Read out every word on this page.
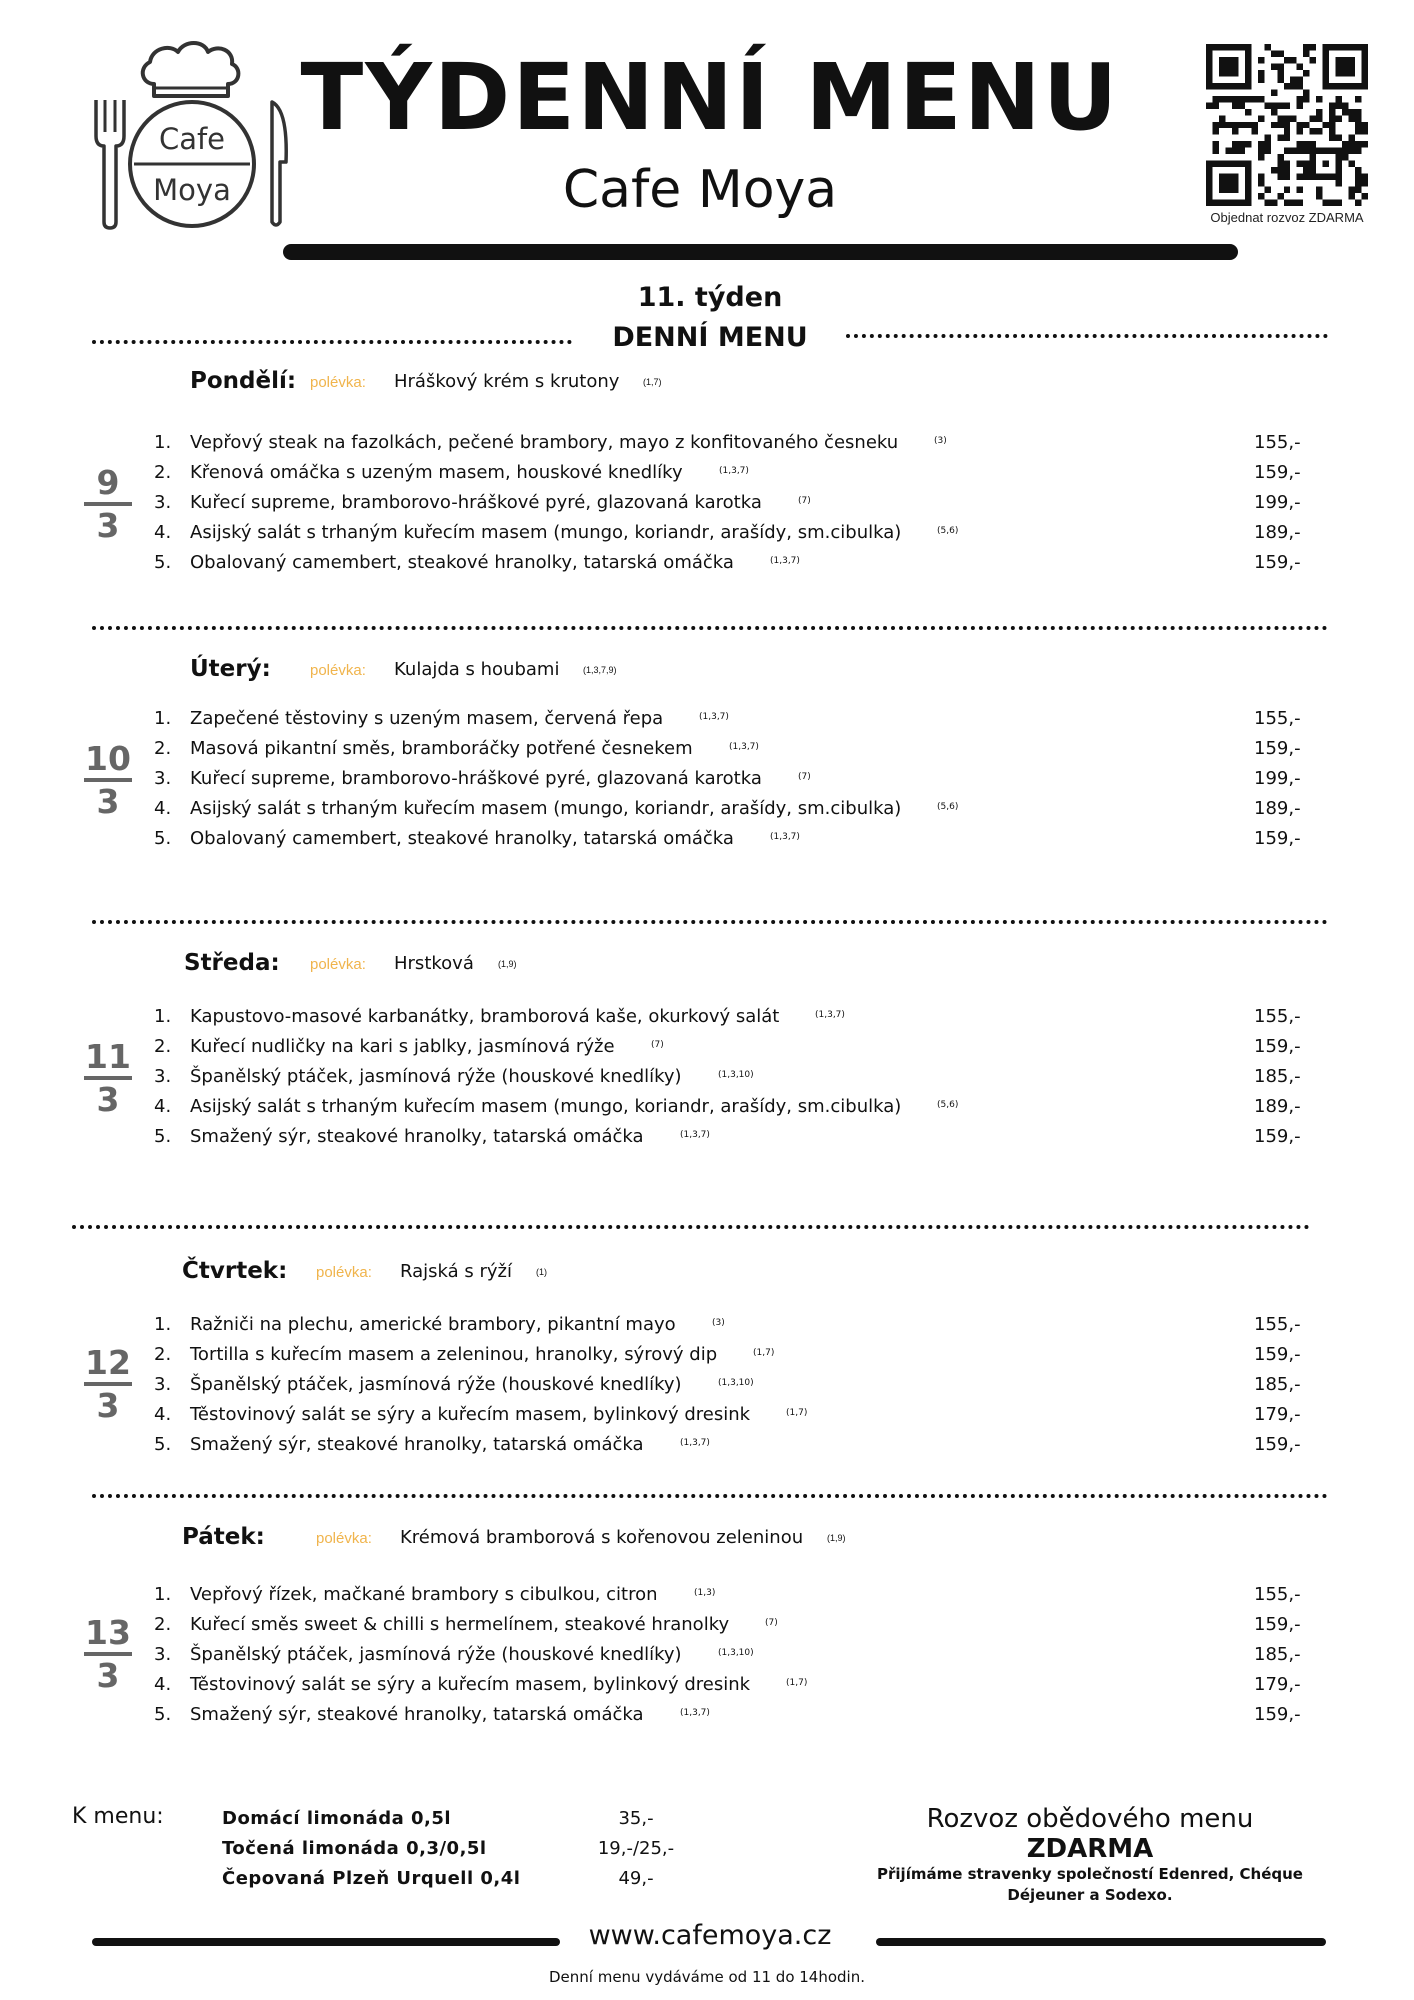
Cafe
Moya
TÝDENNÍ MENU
Cafe Moya	Objednat rozvoz ZDARMA
11. týden
DENNÍ MENU
Pondělí: polévka: Hráškový krém s krutony	(1,7)
9
3
1. Vepřový steak na fazolkách, pečené brambory, mayo z konfitovaného česneku	(3)	155,-
2. Křenová omáčka s uzeným masem, houskové knedlíky	(1,3,7)	159,-
3. Kuřecí supreme, bramborovo-hráškové pyré, glazovaná karotka	(7)	199,-
4. Asijský salát s trhaným kuřecím masem (mungo, koriandr, arašídy, sm.cibulka)	(5,6)	189,-
5. Obalovaný camembert, steakové hranolky, tatarská omáčka	(1,3,7)	159,-
Úterý:	polévka: Kulajda s houbami	(1,3,7,9)
10
3
1. Zapečené těstoviny s uzeným masem, červená řepa	(1,3,7)	155,-
2. Masová pikantní směs, bramboráčky potřené česnekem	(1,3,7)	159,-
3. Kuřecí supreme, bramborovo-hráškové pyré, glazovaná karotka	(7)	199,-
4. Asijský salát s trhaným kuřecím masem (mungo, koriandr, arašídy, sm.cibulka)	(5,6)	189,-
5. Obalovaný camembert, steakové hranolky, tatarská omáčka	(1,3,7)	159,-
Středa: polévka: Hrstková	(1,9)
11
3
1. Kapustovo-masové karbanátky, bramborová kaše, okurkový salát	(1,3,7)	155,-
2. Kuřecí nudličky na kari s jablky, jasmínová rýže	(7)	159,-
3. Španělský ptáček, jasmínová rýže (houskové knedlíky)	(1,3,10)	185,-
4. Asijský salát s trhaným kuřecím masem (mungo, koriandr, arašídy, sm.cibulka)	(5,6)	189,-
5. Smažený sýr, steakové hranolky, tatarská omáčka	(1,3,7)	159,-
Čtvrtek: polévka: Rajská s rýží	(1)
12
3
1. Ražniči na plechu, americké brambory, pikantní mayo	(3)	155,-
2. Tortilla s kuřecím masem a zeleninou, hranolky, sýrový dip	(1,7)	159,-
3. Španělský ptáček, jasmínová rýže (houskové knedlíky)	(1,3,10)	185,-
4. Těstovinový salát se sýry a kuřecím masem, bylinkový dresink	(1,7)	179,-
5. Smažený sýr, steakové hranolky, tatarská omáčka	(1,3,7)	159,-
Pátek:	polévka: Krémová bramborová s kořenovou zeleninou	(1,9)
13
3
1. Vepřový řízek, mačkané brambory s cibulkou, citron	(1,3)	155,-
2. Kuřecí směs sweet & chilli s hermelínem, steakové hranolky	(7)	159,-
3. Španělský ptáček, jasmínová rýže (houskové knedlíky)	(1,3,10)	185,-
4. Těstovinový salát se sýry a kuřecím masem, bylinkový dresink	(1,7)	179,-
5. Smažený sýr, steakové hranolky, tatarská omáčka	(1,3,7)	159,-
K menu:	Domácí limonáda 0,5l	35,-
Točená limonáda 0,3/0,5l	19,-/25,-
Čepovaná Plzeň Urquell 0,4l	49,-
Rozvoz obědového menu ZDARMA
Přijímáme stravenky společností Edenred, Chéque Déjeuner a Sodexo.
www.cafemoya.cz
Denní menu vydáváme od 11 do 14hodin.
